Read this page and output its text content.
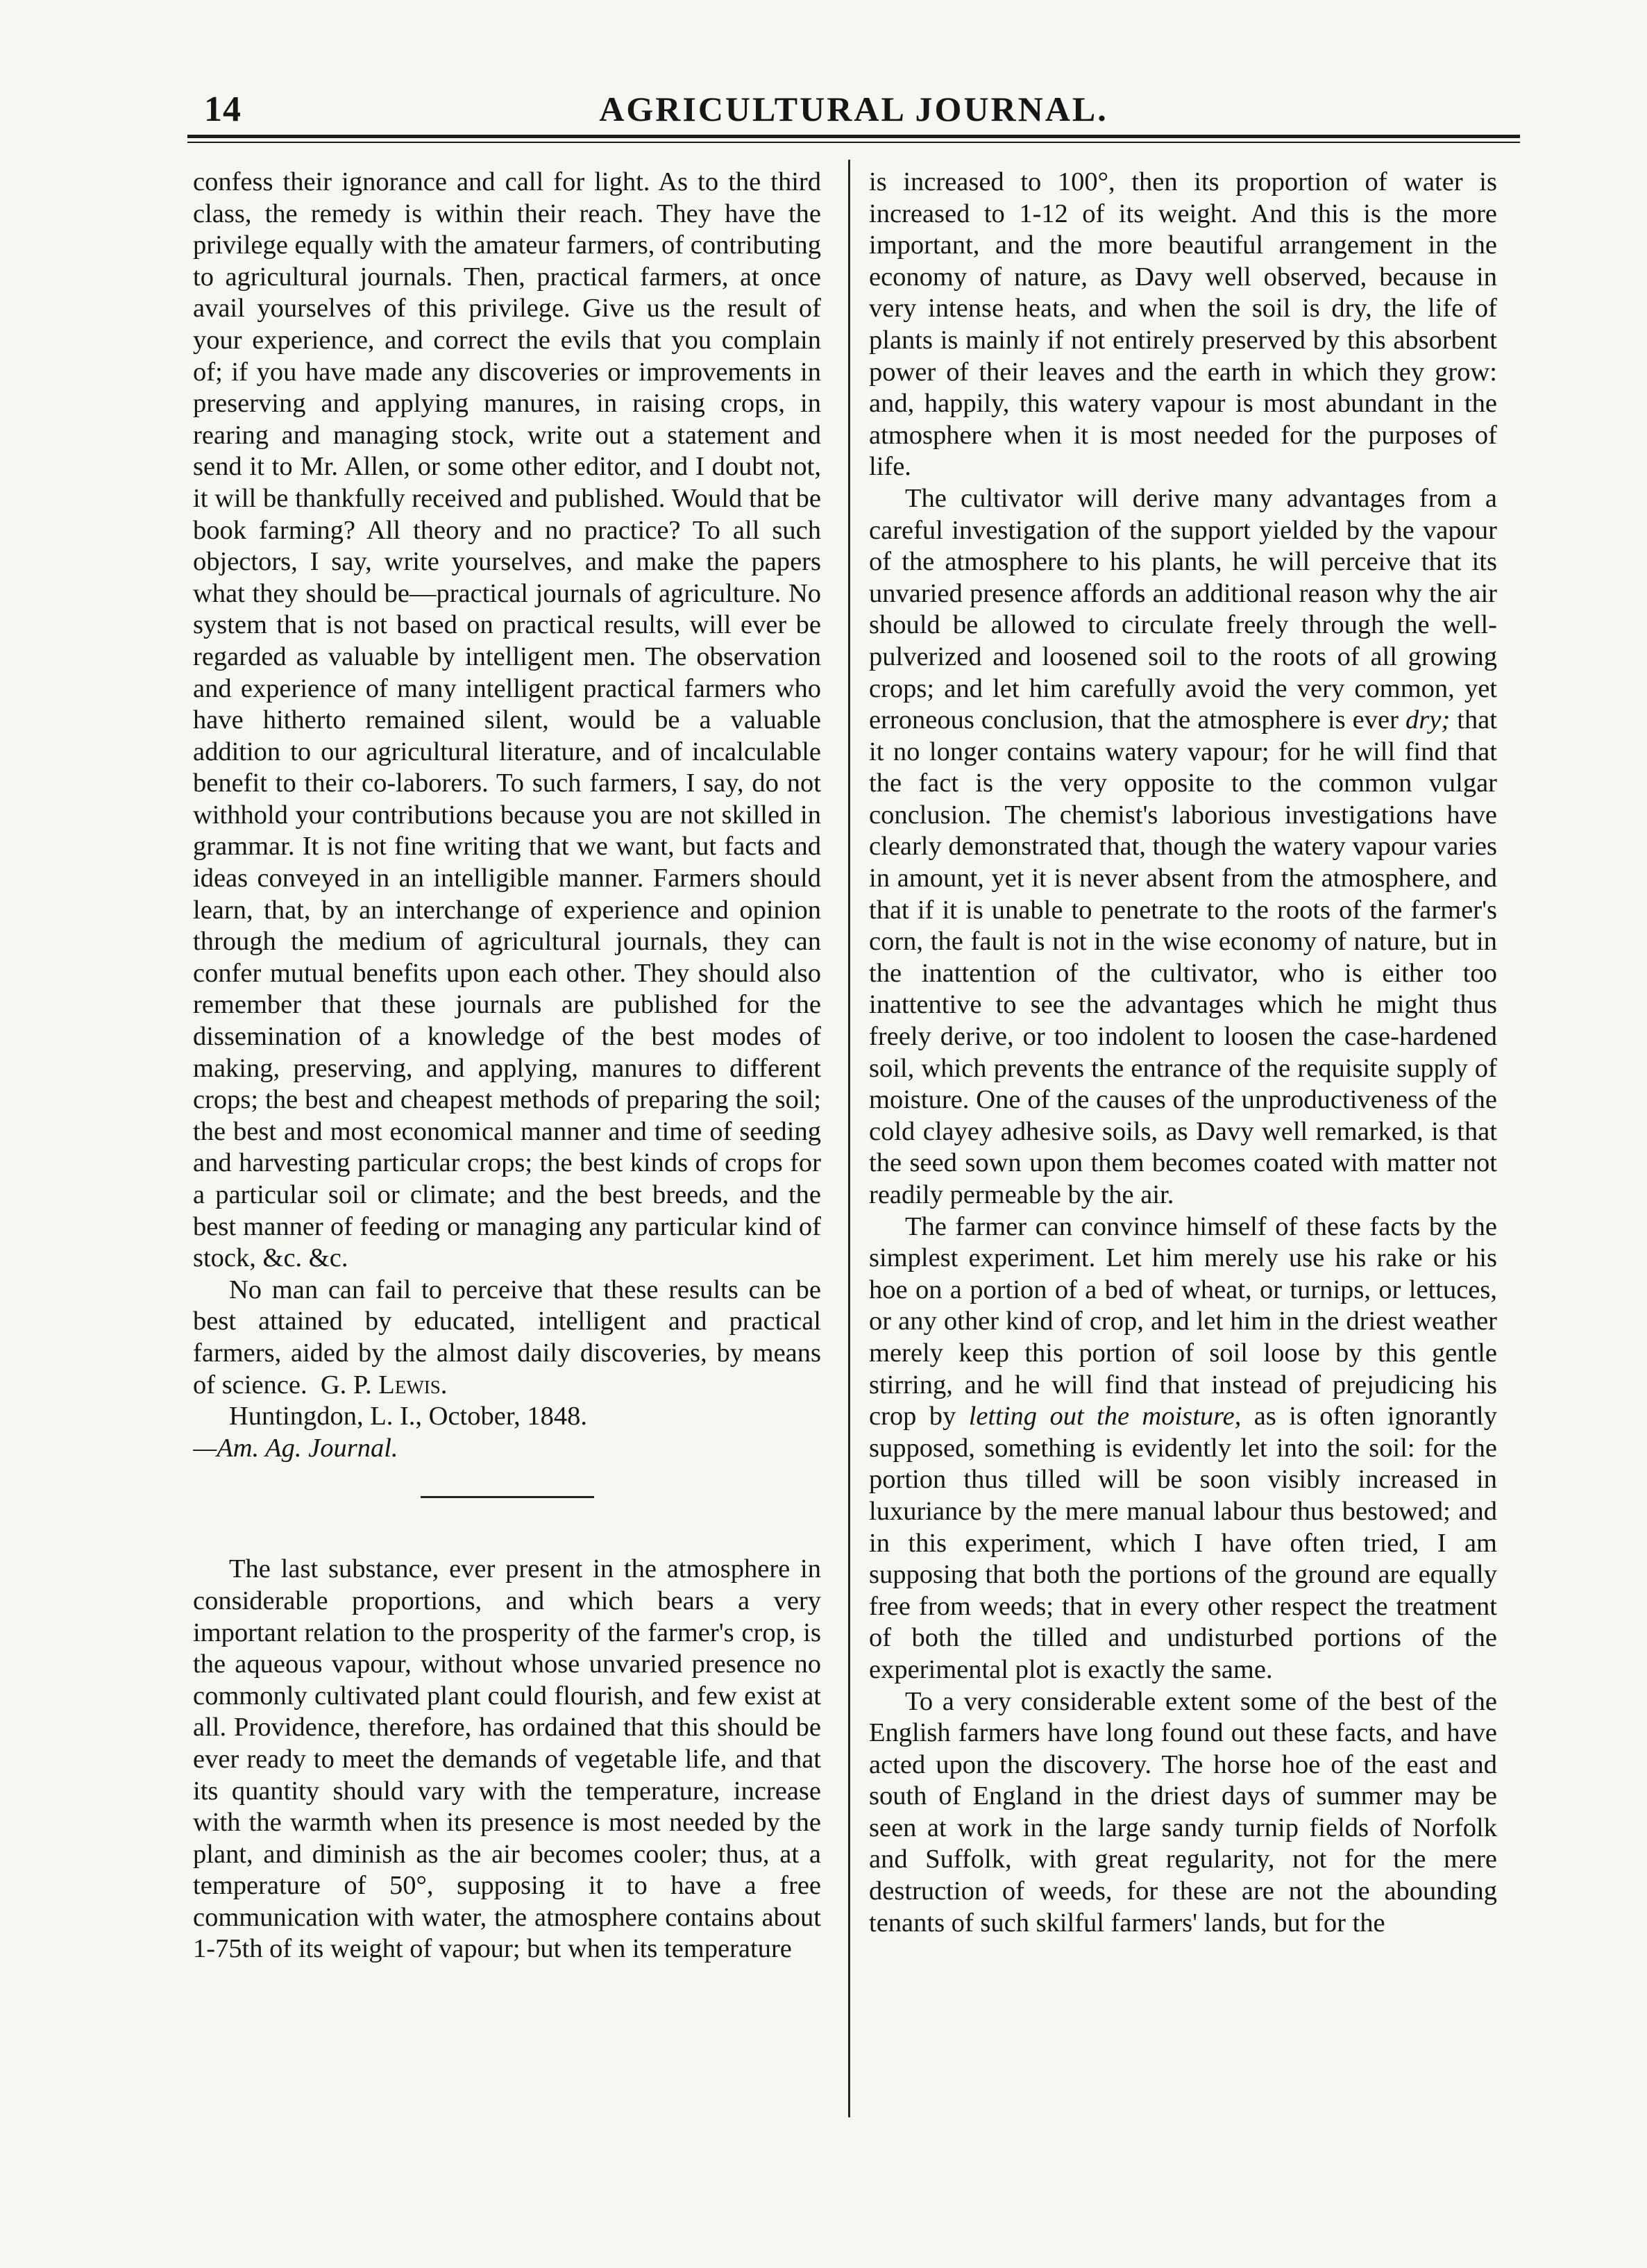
14	AGRICULTURAL JOURNAL.

confess their ignorance and call for light. As to the third class, the remedy is within their reach. They have the privilege equally with the amateur farmers, of contributing to agricultural journals. Then, practical farmers, at once avail yourselves of this privilege. Give us the result of your experience, and correct the evils that you complain of; if you have made any discoveries or improvements in preserving and applying manures, in raising crops, in rearing and managing stock, write out a statement and send it to Mr. Allen, or some other editor, and I doubt not, it will be thankfully received and published. Would that be book farming? All theory and no practice? To all such objectors, I say, write yourselves, and make the papers what they should be—practical journals of agriculture. No system that is not based on practical results, will ever be regarded as valuable by intelligent men. The observation and experience of many intelligent practical farmers who have hitherto remained silent, would be a valuable addition to our agricultural literature, and of incalculable benefit to their co-laborers. To such farmers, I say, do not withhold your contributions because you are not skilled in grammar. It is not fine writing that we want, but facts and ideas conveyed in an intelligible manner. Farmers should learn, that, by an interchange of experience and opinion through the medium of agricultural journals, they can confer mutual benefits upon each other. They should also remember that these journals are published for the dissemination of a knowledge of the best modes of making, preserving, and applying, manures to different crops; the best and cheapest methods of preparing the soil; the best and most economical manner and time of seeding and harvesting particular crops; the best kinds of crops for a particular soil or climate; and the best breeds, and the best manner of feeding or managing any particular kind of stock, &c. &c.

No man can fail to perceive that these results can be best attained by educated, intelligent and practical farmers, aided by the almost daily discoveries, by means of science. G. P. Lewis.

Huntingdon, L. I., October, 1848.

—Am. Ag. Journal.

The last substance, ever present in the atmosphere in considerable proportions, and which bears a very important relation to the prosperity of the farmer's crop, is the aqueous vapour, without whose unvaried presence no commonly cultivated plant could flourish, and few exist at all. Providence, therefore, has ordained that this should be ever ready to meet the demands of vegetable life, and that its quantity should vary with the temperature, increase with the warmth when its presence is most needed by the plant, and diminish as the air becomes cooler; thus, at a temperature of 50°, supposing it to have a free communication with water, the atmosphere contains about 1-75th of its weight of vapour; but when its temperature

is increased to 100°, then its proportion of water is increased to 1-12 of its weight. And this is the more important, and the more beautiful arrangement in the economy of nature, as Davy well observed, because in very intense heats, and when the soil is dry, the life of plants is mainly if not entirely preserved by this absorbent power of their leaves and the earth in which they grow: and, happily, this watery vapour is most abundant in the atmosphere when it is most needed for the purposes of life.

The cultivator will derive many advantages from a careful investigation of the support yielded by the vapour of the atmosphere to his plants, he will perceive that its unvaried presence affords an additional reason why the air should be allowed to circulate freely through the well-pulverized and loosened soil to the roots of all growing crops; and let him carefully avoid the very common, yet erroneous conclusion, that the atmosphere is ever dry; that it no longer contains watery vapour; for he will find that the fact is the very opposite to the common vulgar conclusion. The chemist's laborious investigations have clearly demonstrated that, though the watery vapour varies in amount, yet it is never absent from the atmosphere, and that if it is unable to penetrate to the roots of the farmer's corn, the fault is not in the wise economy of nature, but in the inattention of the cultivator, who is either too inattentive to see the advantages which he might thus freely derive, or too indolent to loosen the case-hardened soil, which prevents the entrance of the requisite supply of moisture. One of the causes of the unproductiveness of the cold clayey adhesive soils, as Davy well remarked, is that the seed sown upon them becomes coated with matter not readily permeable by the air.

The farmer can convince himself of these facts by the simplest experiment. Let him merely use his rake or his hoe on a portion of a bed of wheat, or turnips, or lettuces, or any other kind of crop, and let him in the driest weather merely keep this portion of soil loose by this gentle stirring, and he will find that instead of prejudicing his crop by letting out the moisture, as is often ignorantly supposed, something is evidently let into the soil: for the portion thus tilled will be soon visibly increased in luxuriance by the mere manual labour thus bestowed; and in this experiment, which I have often tried, I am supposing that both the portions of the ground are equally free from weeds; that in every other respect the treatment of both the tilled and undisturbed portions of the experimental plot is exactly the same.

To a very considerable extent some of the best of the English farmers have long found out these facts, and have acted upon the discovery. The horse hoe of the east and south of England in the driest days of summer may be seen at work in the large sandy turnip fields of Norfolk and Suffolk, with great regularity, not for the mere destruction of weeds, for these are not the abounding tenants of such skilful farmers' lands, but for the
